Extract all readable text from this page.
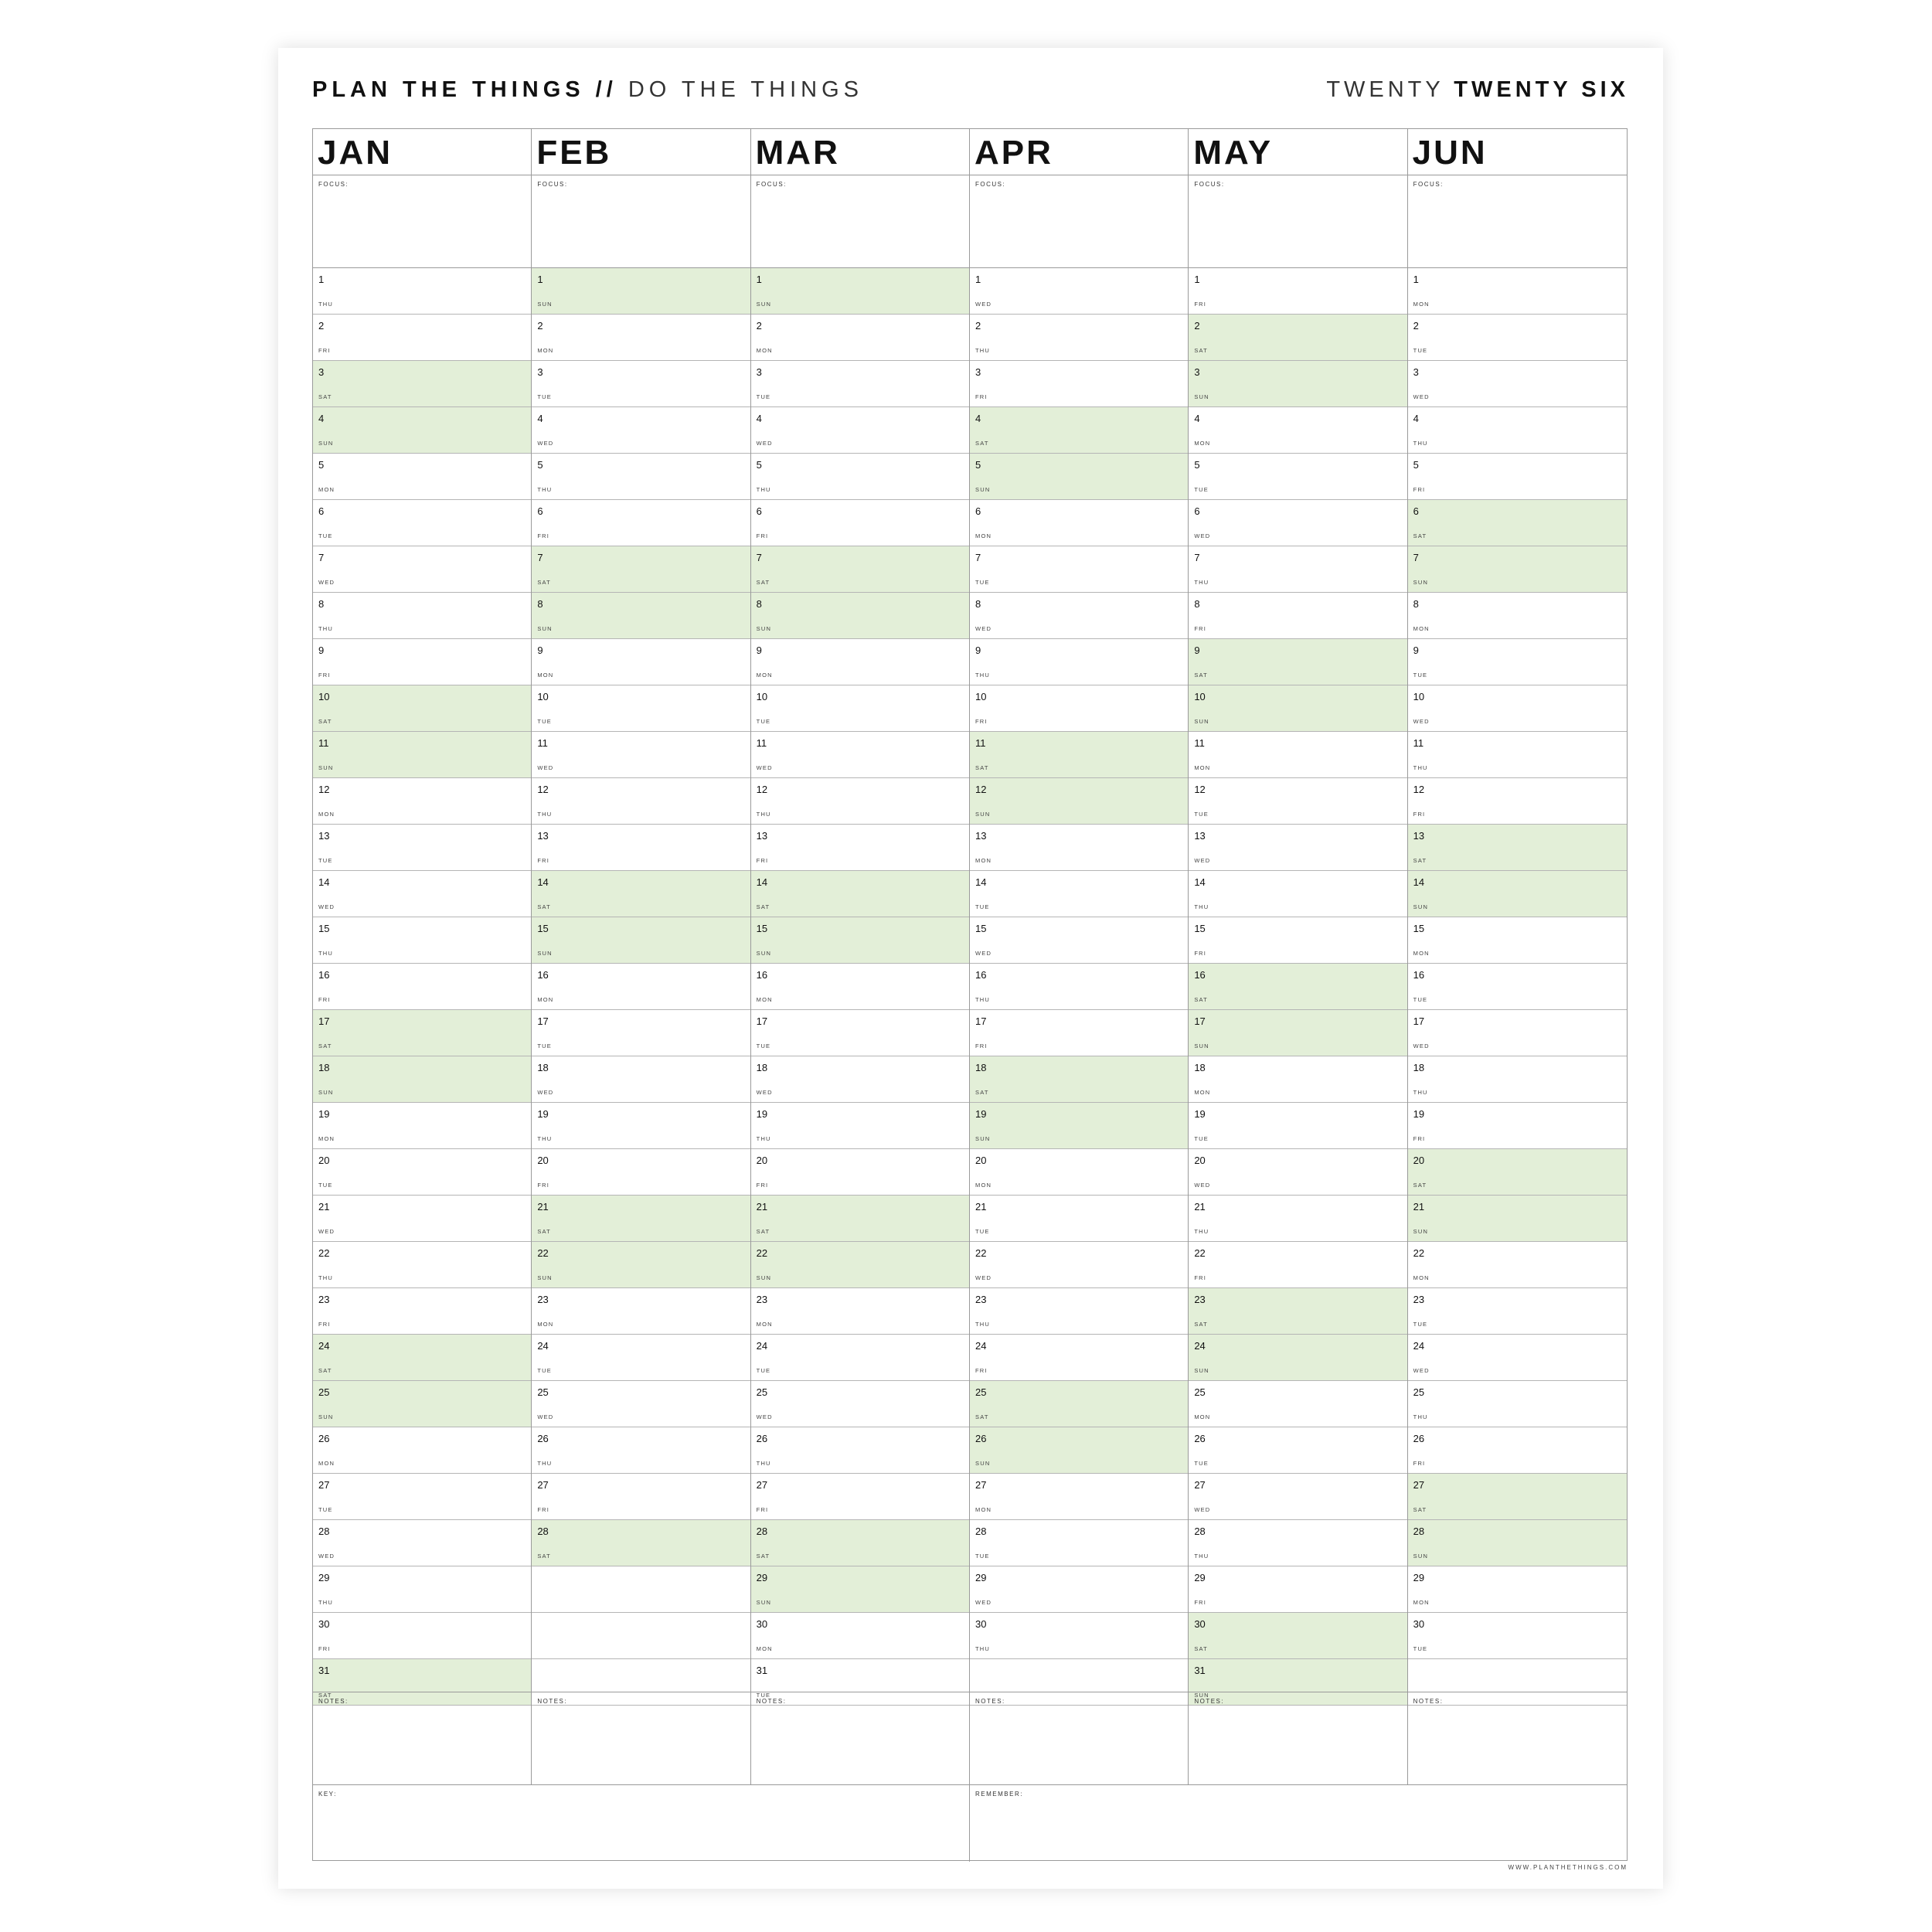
PLAN THE THINGS // DO THE THINGS	TWENTY TWENTY SIX
KEY:	REMEMBER:
JAN
FOCUS:
1
THU
2
FRI
3
SAT
4
SUN
5
MON
6
TUE
7
WED
8
THU
9
FRI
10
SAT
11
SUN
12
MON
13
TUE
14
WED
15
THU
16
FRI
17
SAT
18
SUN
19
MON
20
TUE
21
WED
22
THU
23
FRI
24
SAT
25
SUN
26
MON
27
TUE
28
WED
29
THU
30
FRI
31
SAT
NOTES:
FEB
FOCUS:
1
SUN
2
MON
3
TUE
4
WED
5
THU
6
FRI
7
SAT
8
SUN
9
MON
10
TUE
11
WED
12
THU
13
FRI
14
SAT
15
SUN
16
MON
17
TUE
18
WED
19
THU
20
FRI
21
SAT
22
SUN
23
MON
24
TUE
25
WED
26
THU
27
FRI
28
SAT
NOTES:
MAR
FOCUS:
1
SUN
2
MON
3
TUE
4
WED
5
THU
6
FRI
7
SAT
8
SUN
9
MON
10
TUE
11
WED
12
THU
13
FRI
14
SAT
15
SUN
16
MON
17
TUE
18
WED
19
THU
20
FRI
21
SAT
22
SUN
23
MON
24
TUE
25
WED
26
THU
27
FRI
28
SAT
29
SUN
30
MON
31
TUE
NOTES:
APR
FOCUS:
1
WED
2
THU
3
FRI
4
SAT
5
SUN
6
MON
7
TUE
8
WED
9
THU
10
FRI
11
SAT
12
SUN
13
MON
14
TUE
15
WED
16
THU
17
FRI
18
SAT
19
SUN
20
MON
21
TUE
22
WED
23
THU
24
FRI
25
SAT
26
SUN
27
MON
28
TUE
29
WED
30
THU
NOTES:
MAY
FOCUS:
1
FRI
2
SAT
3
SUN
4
MON
5
TUE
6
WED
7
THU
8
FRI
9
SAT
10
SUN
11
MON
12
TUE
13
WED
14
THU
15
FRI
16
SAT
17
SUN
18
MON
19
TUE
20
WED
21
THU
22
FRI
23
SAT
24
SUN
25
MON
26
TUE
27
WED
28
THU
29
FRI
30
SAT
31
SUN
NOTES:
JUN
FOCUS:
1
MON
2
TUE
3
WED
4
THU
5
FRI
6
SAT
7
SUN
8
MON
9
TUE
10
WED
11
THU
12
FRI
13
SAT
14
SUN
15
MON
16
TUE
17
WED
18
THU
19
FRI
20
SAT
21
SUN
22
MON
23
TUE
24
WED
25
THU
26
FRI
27
SAT
28
SUN
29
MON
30
TUE
NOTES:
WWW.PLANTHETHINGS.COM
